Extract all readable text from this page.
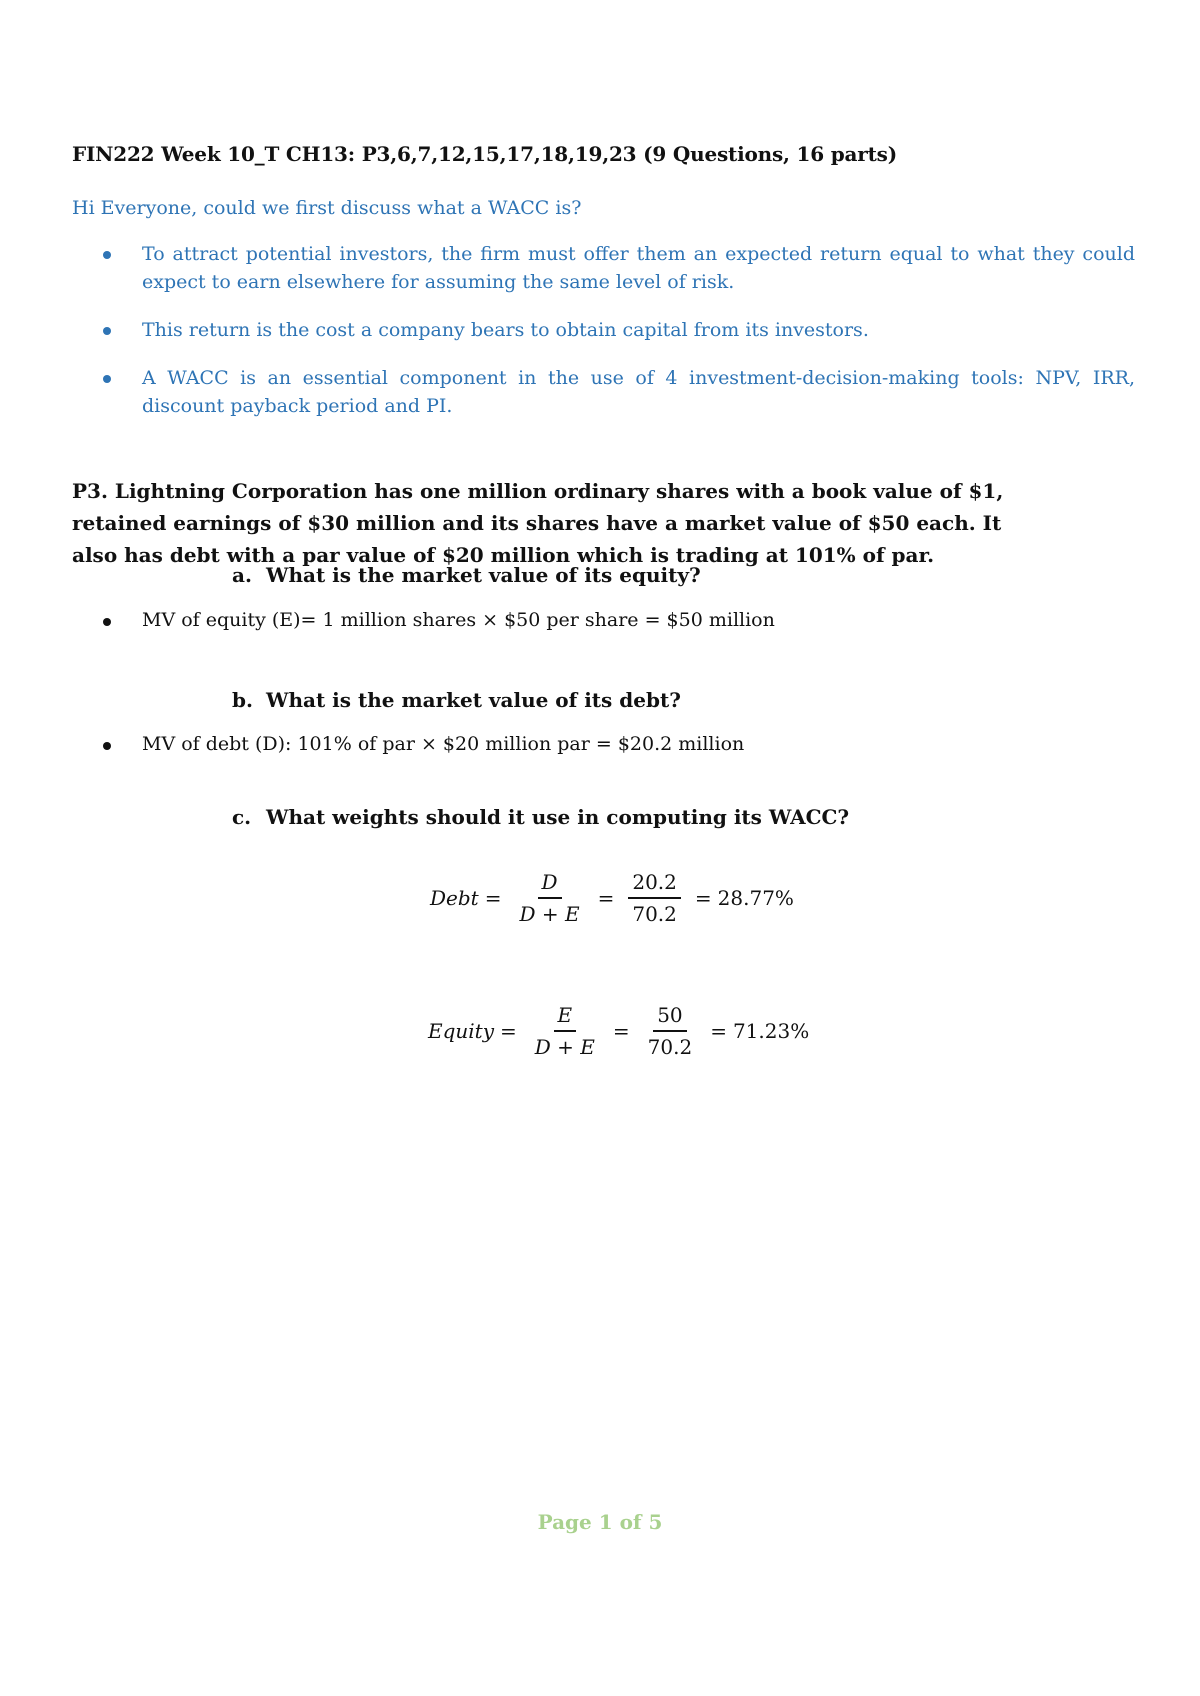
FIN222 Week 10_T CH13: P3,6,7,12,15,17,18,19,23 (9 Questions, 16 parts)
Hi Everyone, could we first discuss what a WACC is?
To attract potential investors, the firm must offer them an expected return equal to what they could expect to earn elsewhere for assuming the same level of risk.
This return is the cost a company bears to obtain capital from its investors.
A WACC is an essential component in the use of 4 investment-decision-making tools: NPV, IRR, discount payback period and PI.
P3. Lightning Corporation has one million ordinary shares with a book value of $1, retained earnings of $30 million and its shares have a market value of $50 each. It also has debt with a par value of $20 million which is trading at 101% of par.
a. What is the market value of its equity?
MV of equity (E)= 1 million shares × $50 per share = $50 million
b. What is the market value of its debt?
MV of debt (D): 101% of par × $20 million par = $20.2 million
c. What weights should it use in computing its WACC?
Debt = $\frac{D}{D + E} = \frac{20.2}{70.2} = 28.77\%$
Equity = $\frac{E}{D + E} = \frac{50}{70.2} = 71.23\%$
Page 1 of 5
